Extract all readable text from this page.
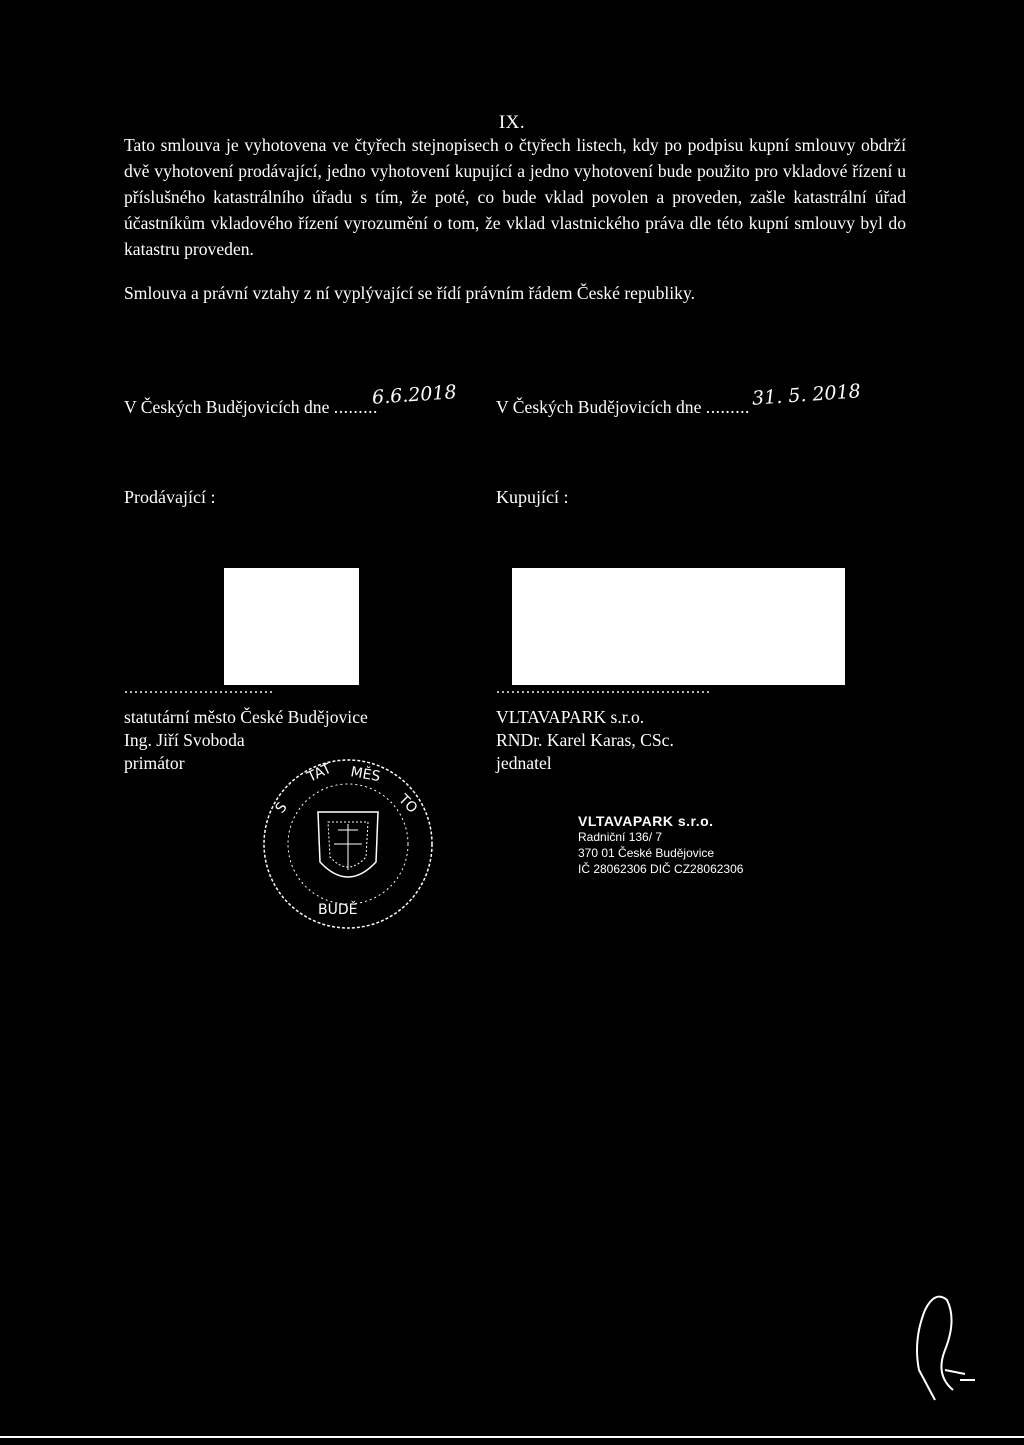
IX.

Tato smlouva je vyhotovena ve čtyřech stejnopisech o čtyřech listech, kdy po podpisu kupní smlouvy obdrží dvě vyhotovení prodávající, jedno vyhotovení kupující a jedno vyhotovení bude použito pro vkladové řízení u příslušného katastrálního úřadu s tím, že poté, co bude vklad povolen a proveden, zašle katastrální úřad účastníkům vkladového řízení vyrozumění o tom, že vklad vlastnického práva dle této kupní smlouvy byl do katastru proveden.

Smlouva a právní vztahy z ní vyplývající se řídí právním řádem České republiky.

V Českých Budějovicích dne .........
6.6.2018 V Českých Budějovicích dne ......... 31. 5. 2018
Prodávající :	Kupující :
..............................	...........................................
statutární město České Budějovice
Ing. Jiří Svoboda
primátor
VLTAVAPARK s.r.o.
RNDr. Karel Karas, CSc.
jednatel
S
TAT MĚS
TO
BUDĚ
VLTAVAPARK s.r.o.
Radniční 136/ 7
370 01 České Budějovice
IČ 28062306 DIČ CZ28062306
